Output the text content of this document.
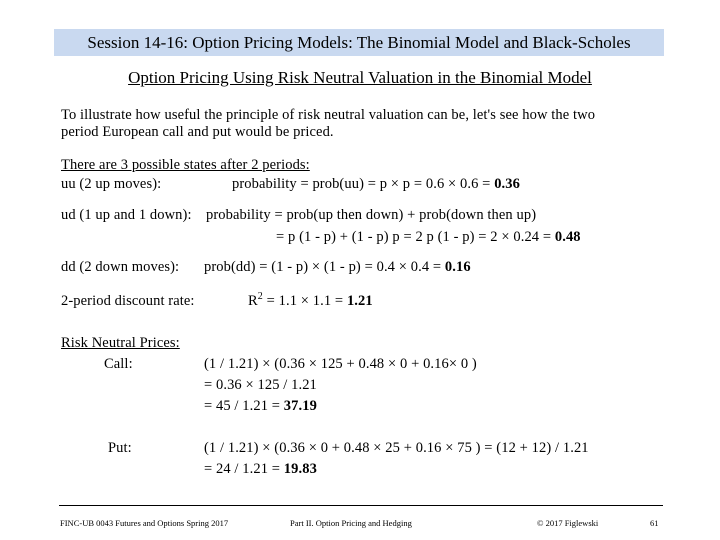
Session 14-16: Option Pricing Models: The Binomial Model and Black-Scholes
Option Pricing Using Risk Neutral Valuation in the Binomial Model
To illustrate how useful the principle of risk neutral valuation can be, let's see how the two
period European call and put would be priced.
There are 3 possible states after 2 periods:
uu (2 up moves):	probability = prob(uu) = p × p = 0.6 × 0.6 = 0.36
ud (1 up and 1 down): probability = prob(up then down) + prob(down then up)
= p (1 - p) + (1 - p) p = 2 p (1 - p) = 2 × 0.24 = 0.48
dd (2 down moves): prob(dd) = (1 - p) × (1 - p) = 0.4 × 0.4 = 0.16
2-period discount rate:	$R^2 = 1.1 \times 1.1 = 1.21$
Risk Neutral Prices:
Call:	(1 / 1.21) × (0.36 × 125 + 0.48 × 0 + 0.16× 0 )
= 0.36 × 125 / 1.21
= 45 / 1.21 = 37.19
Put:	(1 / 1.21) × (0.36 × 0 + 0.48 × 25 + 0.16 × 75 ) = (12 + 12) / 1.21
= 24 / 1.21 = 19.83
FINC-UB 0043 Futures and Options Spring 2017	Part II. Option Pricing and Hedging	© 2017 Figlewski	61
